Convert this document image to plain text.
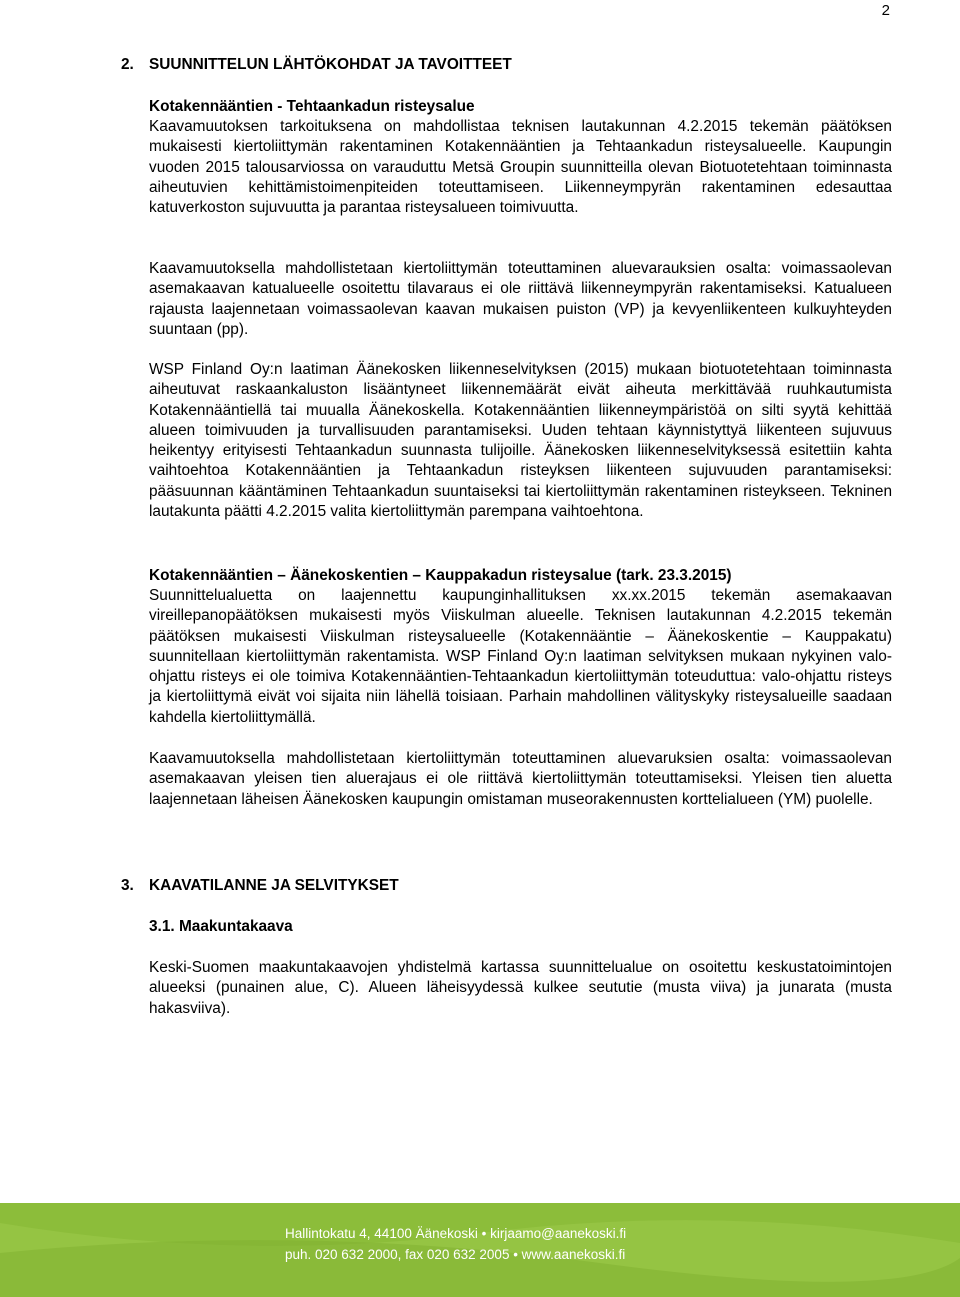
2
2. SUUNNITTELUN LÄHTÖKOHDAT JA TAVOITTEET
Kotakennääntien - Tehtaankadun risteysalue
Kaavamuutoksen tarkoituksena on mahdollistaa teknisen lautakunnan 4.2.2015 tekemän päätöksen mukaisesti kiertoliittymän rakentaminen Kotakennääntien ja Tehtaankadun risteysalueelle. Kaupungin vuoden 2015 talousarviossa on varauduttu Metsä Groupin suunnitteilla olevan Biotuotetehtaan toiminnasta aiheutuvien kehittämistoimenpiteiden toteuttamiseen. Liikenneympyrän rakentaminen edesauttaa katuverkoston sujuvuutta ja parantaa risteysalueen toimivuutta.
Kaavamuutoksella mahdollistetaan kiertoliittymän toteuttaminen aluevarauksien osalta: voimassaolevan asemakaavan katualueelle osoitettu tilavaraus ei ole riittävä liikenneympyrän rakentamiseksi. Katualueen rajausta laajennetaan voimassaolevan kaavan mukaisen puiston (VP) ja kevyenliikenteen kulkuyhteyden suuntaan (pp).
WSP Finland Oy:n laatiman Äänekosken liikenneselvityksen (2015) mukaan biotuotetehtaan toiminnasta aiheutuvat raskaankaluston lisääntyneet liikennemäärät eivät aiheuta merkittävää ruuhkautumista Kotakennääntiellä tai muualla Äänekoskella. Kotakennääntien liikenneympäristöä on silti syytä kehittää alueen toimivuuden ja turvallisuuden parantamiseksi. Uuden tehtaan käynnistyttyä liikenteen sujuvuus heikentyy erityisesti Tehtaankadun suunnasta tulijoille. Äänekosken liikenneselvityksessä esitettiin kahta vaihtoehtoa Kotakennääntien ja Tehtaankadun risteyksen liikenteen sujuvuuden parantamiseksi: pääsuunnan kääntäminen Tehtaankadun suuntaiseksi tai kiertoliittymän rakentaminen risteykseen. Tekninen lautakunta päätti 4.2.2015 valita kiertoliittymän parempana vaihtoehtona.
Kotakennääntien – Äänekoskentien – Kauppakadun risteysalue (tark. 23.3.2015)
Suunnittelualuetta on laajennettu kaupunginhallituksen xx.xx.2015 tekemän asemakaavan vireillepanopäätöksen mukaisesti myös Viiskulman alueelle. Teknisen lautakunnan 4.2.2015 tekemän päätöksen mukaisesti Viiskulman risteysalueelle (Kotakennääntie – Äänekoskentie – Kauppakatu) suunnitellaan kiertoliittymän rakentamista. WSP Finland Oy:n laatiman selvityksen mukaan nykyinen valo-ohjattu risteys ei ole toimiva Kotakennääntien-Tehtaankadun kiertoliittymän toteuduttua: valo-ohjattu risteys ja kiertoliittymä eivät voi sijaita niin lähellä toisiaan. Parhain mahdollinen välityskyky risteysalueille saadaan kahdella kiertoliittymällä.
Kaavamuutoksella mahdollistetaan kiertoliittymän toteuttaminen aluevaruksien osalta: voimassaolevan asemakaavan yleisen tien aluerajaus ei ole riittävä kiertoliittymän toteuttamiseksi. Yleisen tien aluetta laajennetaan läheisen Äänekosken kaupungin omistaman museorakennusten korttelialueen (YM) puolelle.
3. KAAVATILANNE JA SELVITYKSET
3.1. Maakuntakaava
Keski-Suomen maakuntakaavojen yhdistelmä kartassa suunnittelualue on osoitettu keskustatoimintojen alueeksi (punainen alue, C). Alueen läheisyydessä kulkee seututie (musta viiva) ja junarata (musta hakasviiva).
Hallintokatu 4, 44100 Äänekoski • kirjaamo@aanekoski.fi
puh. 020 632 2000, fax 020 632 2005 • www.aanekoski.fi
